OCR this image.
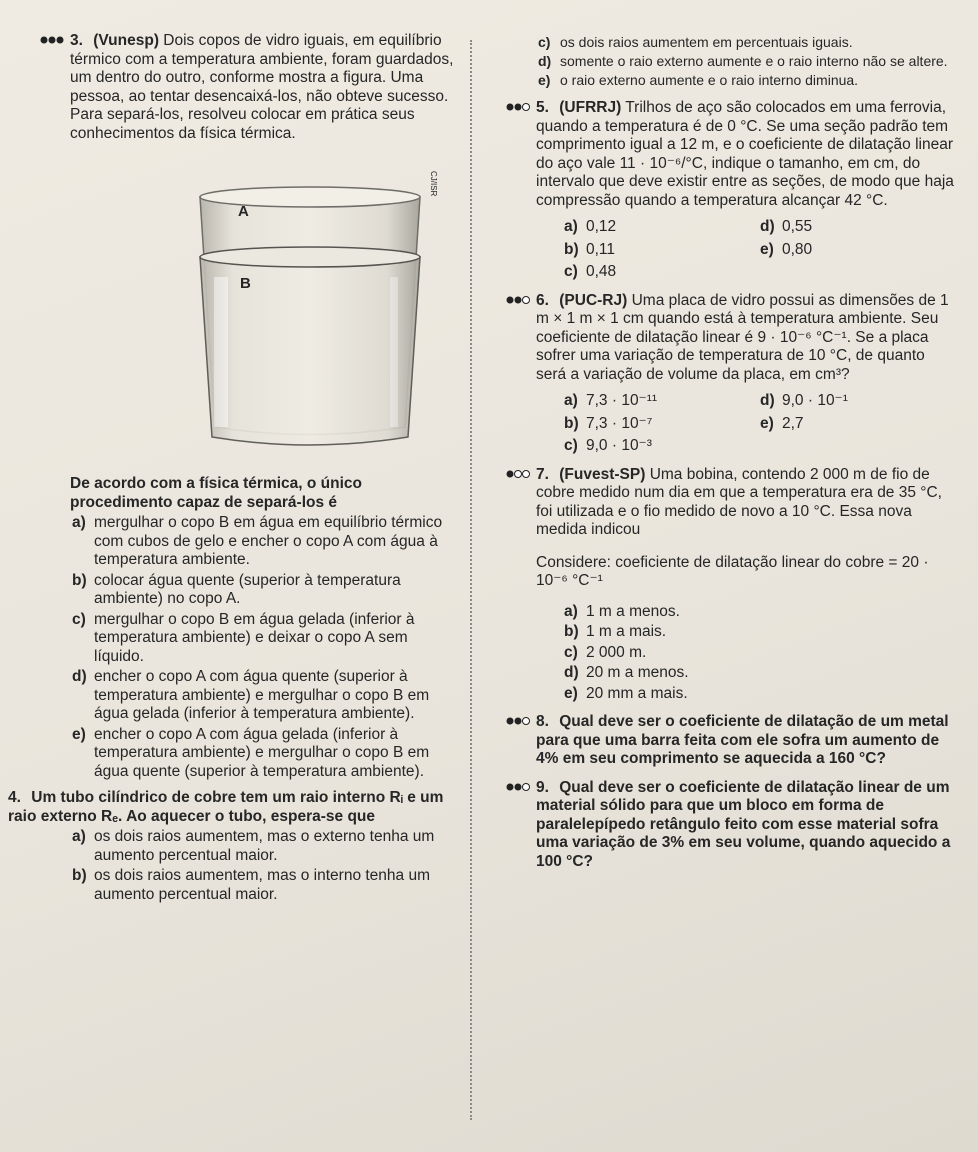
3. (Vunesp) Dois copos de vidro iguais, em equilíbrio térmico com a temperatura ambiente, foram guardados, um dentro do outro, conforme mostra a figura. Uma pessoa, ao tentar desencaixá-los, não obteve sucesso. Para separá-los, resolveu colocar em prática seus conhecimentos da física térmica.
A
B
CJ/ISR
De acordo com a física térmica, o único procedimento capaz de separá-los é
a) mergulhar o copo B em água em equilíbrio térmico com cubos de gelo e encher o copo A com água à temperatura ambiente.
b) colocar água quente (superior à temperatura ambiente) no copo A.
c) mergulhar o copo B em água gelada (inferior à temperatura ambiente) e deixar o copo A sem líquido.
d) encher o copo A com água quente (superior à temperatura ambiente) e mergulhar o copo B em água gelada (inferior à temperatura ambiente).
e) encher o copo A com água gelada (inferior à temperatura ambiente) e mergulhar o copo B em água quente (superior à temperatura ambiente).
4. Um tubo cilíndrico de cobre tem um raio interno Rᵢ e um raio externo Rₑ. Ao aquecer o tubo, espera-se que
a) os dois raios aumentem, mas o externo tenha um aumento percentual maior.
b) os dois raios aumentem, mas o interno tenha um aumento percentual maior.
c) os dois raios aumentem em percentuais iguais.
d) somente o raio externo aumente e o raio interno não se altere.
e) o raio externo aumente e o raio interno diminua.
5. (UFRRJ) Trilhos de aço são colocados em uma ferrovia, quando a temperatura é de 0 °C. Se uma seção padrão tem comprimento igual a 12 m, e o coeficiente de dilatação linear do aço vale 11 · 10⁻⁶/°C, indique o tamanho, em cm, do intervalo que deve existir entre as seções, de modo que haja compressão quando a temperatura alcançar 42 °C.
a) 0,12	d) 0,55
b) 0,11	e) 0,80
c) 0,48
6. (PUC-RJ) Uma placa de vidro possui as dimensões de 1 m × 1 m × 1 cm quando está à temperatura ambiente. Seu coeficiente de dilatação linear é 9 · 10⁻⁶ °C⁻¹. Se a placa sofrer uma variação de temperatura de 10 °C, de quanto será a variação de volume da placa, em cm³?
a) 7,3 · 10⁻¹¹	d) 9,0 · 10⁻¹
b) 7,3 · 10⁻⁷	e) 2,7
c) 9,0 · 10⁻³
7. (Fuvest-SP) Uma bobina, contendo 2 000 m de fio de cobre medido num dia em que a temperatura era de 35 °C, foi utilizada e o fio medido de novo a 10 °C. Essa nova medida indicou
Considere: coeficiente de dilatação linear do cobre = 20 · 10⁻⁶ °C⁻¹
a) 1 m a menos.
b) 1 m a mais.
c) 2 000 m.
d) 20 m a menos.
e) 20 mm a mais.
8. Qual deve ser o coeficiente de dilatação de um metal para que uma barra feita com ele sofra um aumento de 4% em seu comprimento se aquecida a 160 °C?
9. Qual deve ser o coeficiente de dilatação linear de um material sólido para que um bloco em forma de paralelepípedo retângulo feito com esse material sofra uma variação de 3% em seu volume, quando aquecido a 100 °C?
